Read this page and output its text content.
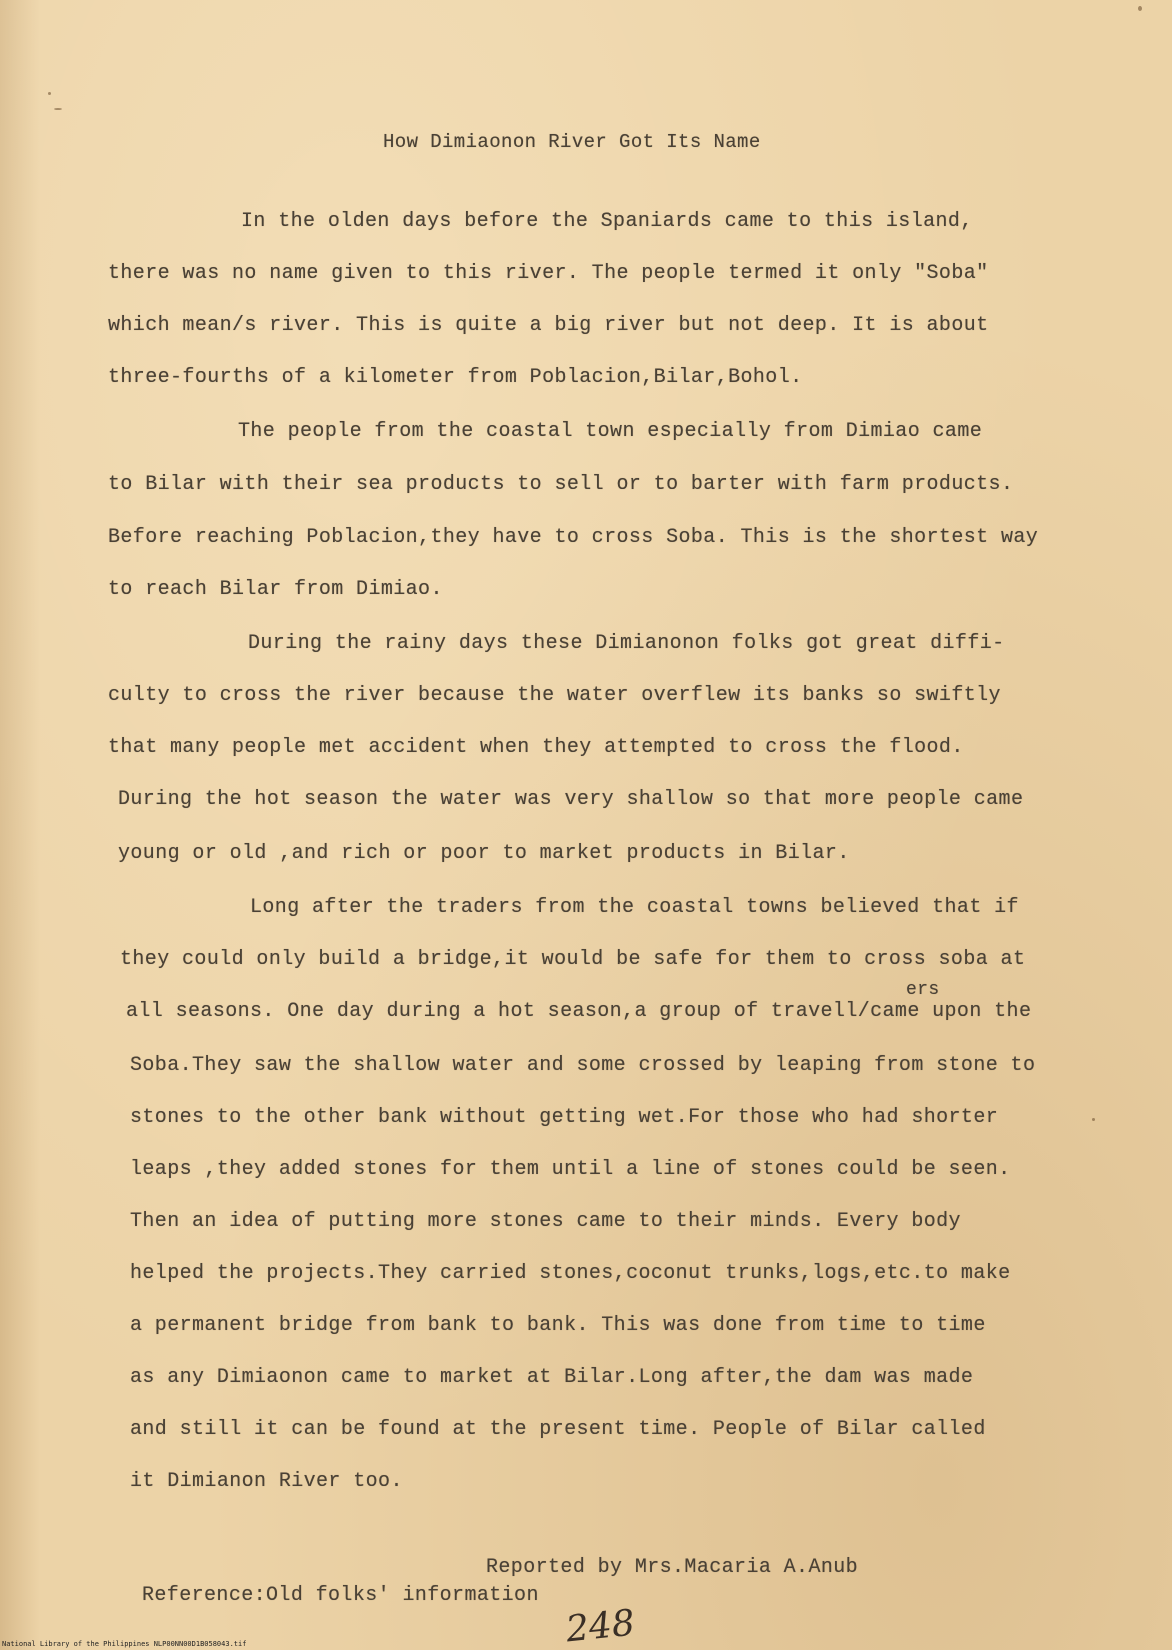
How Dimiaonon River Got Its Name

In the olden days before the Spaniards came to this island,

there was no name given to this river. The people termed it only "Soba"

which mean/s river. This is quite a big river but not deep. It is about

three-fourths of a kilometer from Poblacion,Bilar,Bohol.

The people from the coastal town especially from Dimiao came

to Bilar with their sea products to sell or to barter with farm products.

Before reaching Poblacion,they have to cross Soba. This is the shortest way

to reach Bilar from Dimiao.

During the rainy days these Dimianonon folks got great diffi-

culty to cross the river because the water overflew its banks so swiftly

that many people met accident when they attempted to cross the flood.

During the hot season the water was very shallow so that more people came

young or old ,and rich or poor to market products in Bilar.

Long after the traders from the coastal towns believed that if

they could only build a bridge,it would be safe for them to cross soba at

ers

all seasons. One day during a hot season,a group of travell/came upon the

Soba.They saw the shallow water and some crossed by leaping from stone to

stones to the other bank without getting wet.For those who had shorter

leaps ,they added stones for them until a line of stones could be seen.

Then an idea of putting more stones came to their minds. Every body

helped the projects.They carried stones,coconut trunks,logs,etc.to make

a permanent bridge from bank to bank. This was done from time to time

as any Dimiaonon came to market at Bilar.Long after,the dam was made

and still it can be found at the present time. People of Bilar called

it Dimianon River too.

Reported by Mrs.Macaria A.Anub

Reference:Old folks' information

248
National Library of the Philippines NLP00NN00D1B058043.tif
